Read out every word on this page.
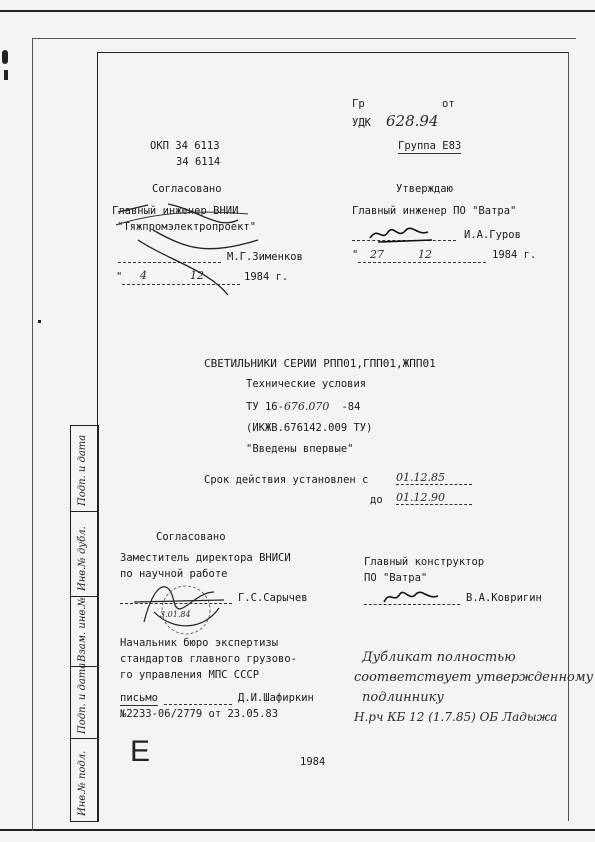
Гр	от
УДК 628.94
ОКП 34 6113
34 6114
Группа Е83
Согласовано
Главный инженер ВНИИ
"Тяжпромэлектропроект"
М.Г.Зименков
" 4	12	1984 г.
Утверждаю
Главный инженер ПО "Ватра"
И.А.Гуров
" 27	12	1984 г.
СВЕТИЛЬНИКИ СЕРИИ РПП01,ГПП01,ЖПП01
Технические условия
ТУ 16-676.070 -84
(ИКЖВ.676142.009 ТУ)
"Введены впервые"
Срок действия установлен с	01.12.85
до 01.12.90
Согласовано
Заместитель директора ВНИСИ
по научной работе
Г.С.Сарычев
3.01.84
Начальник бюро экспертизы
стандартов главного грузово-
го управления МПС СССР
письмо	Д.И.Шафиркин
№2233-06/2779 от 23.05.83
Главный конструктор
ПО "Ватра"
В.А.Ковригин
Дубликат полностью
соответствует утвержденному
подлиннику
Н.рч КБ 12 (1.7.85) ОБ Ладыжа
Е	1984
Подп. и дата
Инв.№ дубл.
Взам. инв.№
Подп. и дата
Инв.№ подл.
